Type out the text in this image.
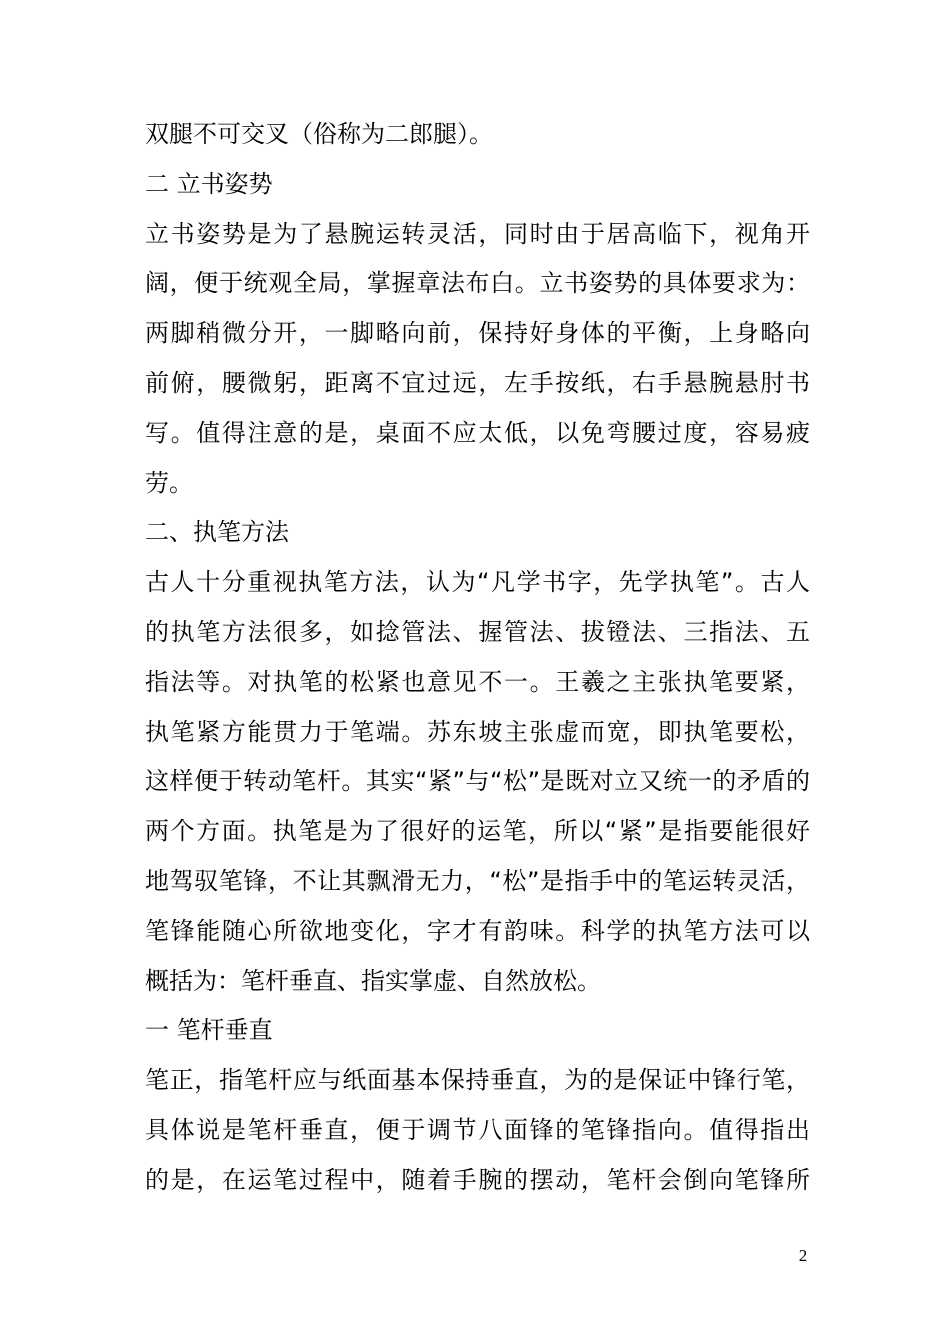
双腿不可交叉（俗称为二郎腿）。
二 立书姿势
立书姿势是为了悬腕运转灵活，同时由于居高临下，视角开
阔，便于统观全局，掌握章法布白。立书姿势的具体要求为：
两脚稍微分开，一脚略向前，保持好身体的平衡，上身略向
前俯，腰微躬，距离不宜过远，左手按纸，右手悬腕悬肘书
写。值得注意的是，桌面不应太低，以免弯腰过度，容易疲
劳。
二、执笔方法
古人十分重视执笔方法，认为“凡学书字，先学执笔”。古人
的执笔方法很多，如捻管法、握管法、拔镫法、三指法、五
指法等。对执笔的松紧也意见不一。王羲之主张执笔要紧，
执笔紧方能贯力于笔端。苏东坡主张虚而宽，即执笔要松，
这样便于转动笔杆。其实“紧”与“松”是既对立又统一的矛盾的
两个方面。执笔是为了很好的运笔，所以“紧”是指要能很好
地驾驭笔锋，不让其飘滑无力，“松”是指手中的笔运转灵活，
笔锋能随心所欲地变化，字才有韵味。科学的执笔方法可以
概括为：笔杆垂直、指实掌虚、自然放松。
一 笔杆垂直
笔正，指笔杆应与纸面基本保持垂直，为的是保证中锋行笔，
具体说是笔杆垂直，便于调节八面锋的笔锋指向。值得指出
的是，在运笔过程中，随着手腕的摆动，笔杆会倒向笔锋所
2
